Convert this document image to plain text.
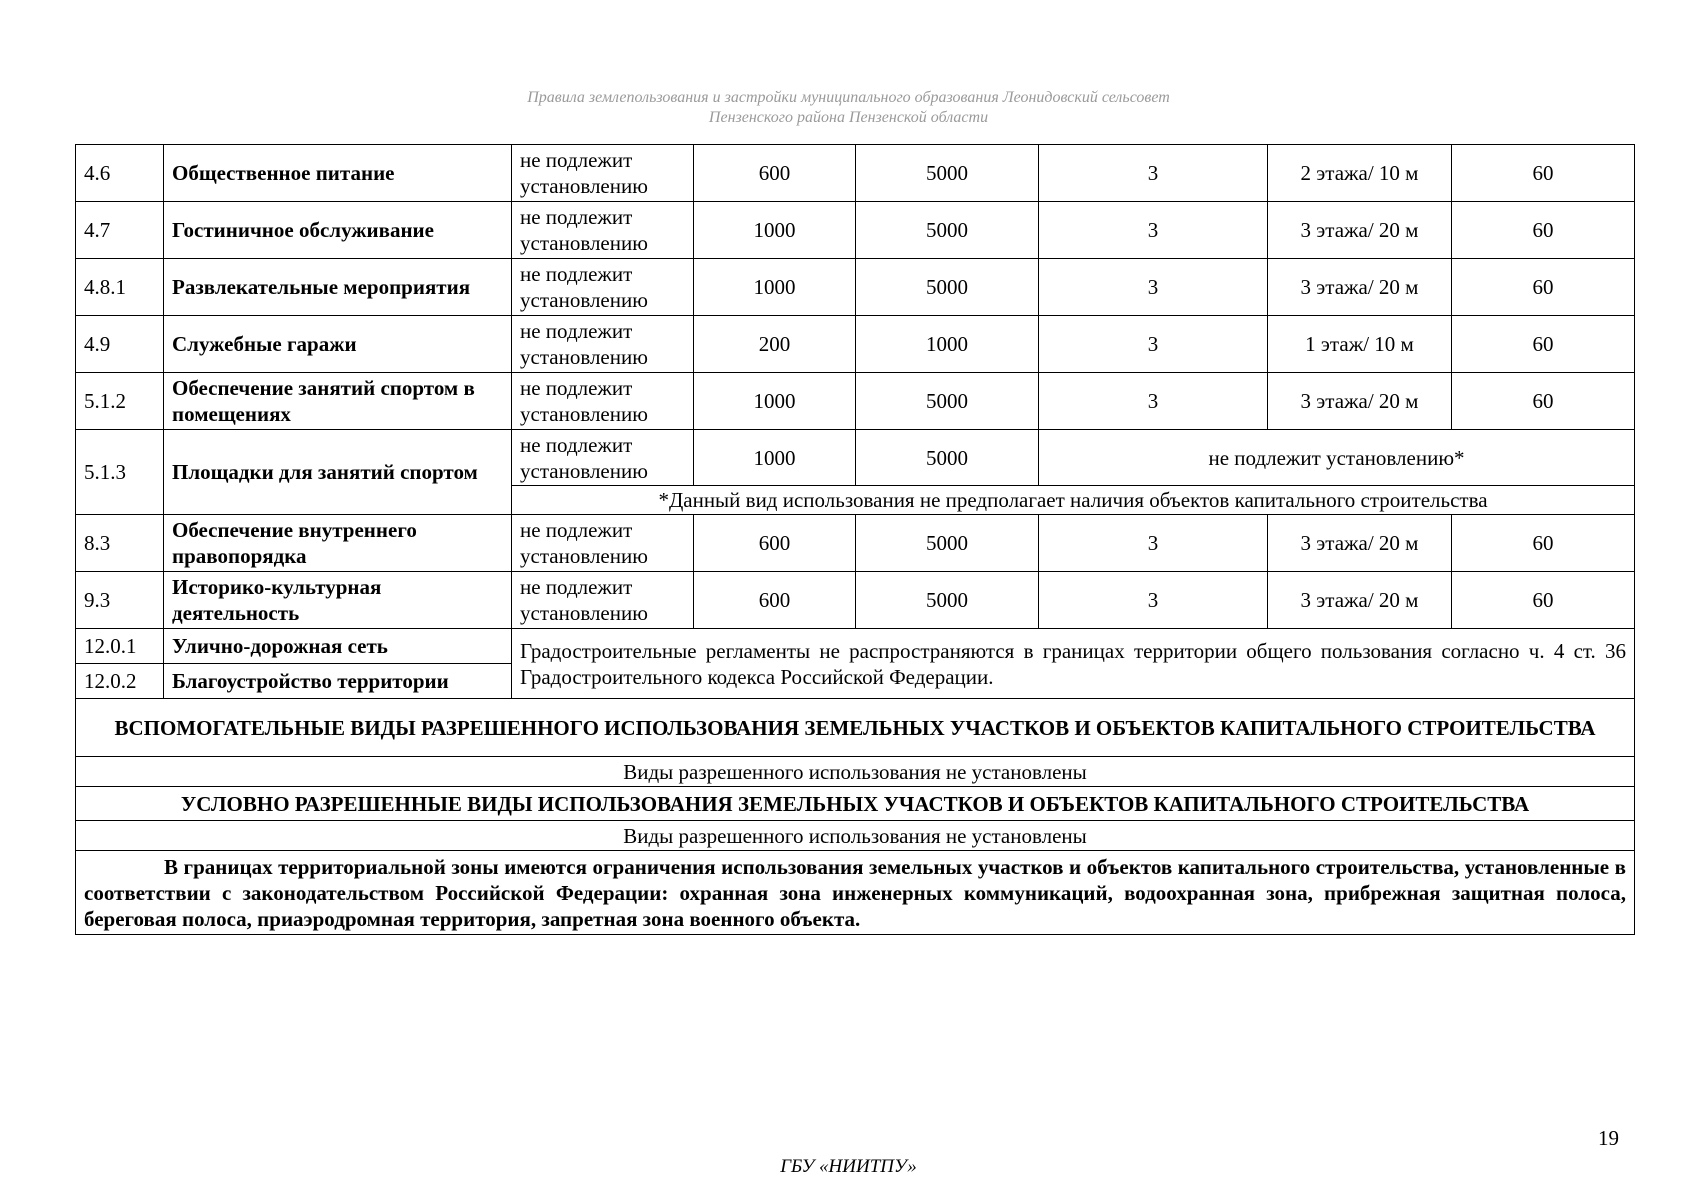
Правила землепользования и застройки муниципального образования Леонидовский сельсовет
Пензенского района Пензенской области
4.6	Общественное питание	не подлежит установлению	600	5000	3	2 этажа/ 10 м	60
4.7	Гостиничное обслуживание	не подлежит установлению	1000	5000	3	3 этажа/ 20 м	60
4.8.1	Развлекательные мероприятия	не подлежит установлению	1000	5000	3	3 этажа/ 20 м	60
4.9	Служебные гаражи	не подлежит установлению	200	1000	3	1 этаж/ 10 м	60
5.1.2	Обеспечение занятий спортом в помещениях	не подлежит установлению	1000	5000	3	3 этажа/ 20 м	60
5.1.3	Площадки для занятий спортом	не подлежит установлению	1000	5000	не подлежит установлению*		
		*Данный вид использования не предполагает наличия объектов капитального строительства					
8.3	Обеспечение внутреннего правопорядка	не подлежит установлению	600	5000	3	3 этажа/ 20 м	60
9.3	Историко-культурная деятельность	не подлежит установлению	600	5000	3	3 этажа/ 20 м	60
12.0.1	Улично-дорожная сеть	Градостроительные регламенты не распространяются в границах территории общего пользования согласно ч. 4 ст. 36 Градостроительного кодекса Российской Федерации.					
12.0.2	Благоустройство территории						
ВСПОМОГАТЕЛЬНЫЕ ВИДЫ РАЗРЕШЕННОГО ИСПОЛЬЗОВАНИЯ ЗЕМЕЛЬНЫХ УЧАСТКОВ И ОБЪЕКТОВ КАПИТАЛЬНОГО СТРОИТЕЛЬСТВА							
Виды разрешенного использования не установлены							
УСЛОВНО РАЗРЕШЕННЫЕ ВИДЫ ИСПОЛЬЗОВАНИЯ ЗЕМЕЛЬНЫХ УЧАСТКОВ И ОБЪЕКТОВ КАПИТАЛЬНОГО СТРОИТЕЛЬСТВА							
Виды разрешенного использования не установлены							
В границах территориальной зоны имеются ограничения использования земельных участков и объектов капитального строительства, установленные в соответствии с законодательством Российской Федерации: охранная зона инженерных коммуникаций, водоохранная зона, прибрежная защитная полоса, береговая полоса, приаэродромная территория, запретная зона военного объекта.							
19
ГБУ «НИИТПУ»
